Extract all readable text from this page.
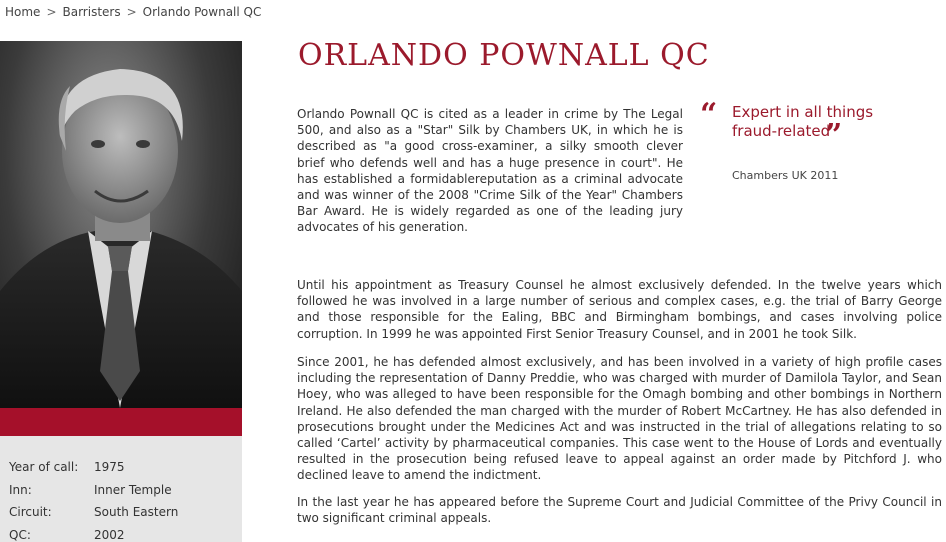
Home > Barristers > Orlando Pownall QC
Year of call: 1975
Inn:	Inner Temple
Circuit:	South Eastern
QC:	2002
ORLANDO POWNALL QC

Orlando Pownall QC is cited as a leader in crime by The Legal 500, and also as a "Star" Silk by Chambers UK, in which he is described as "a good cross-examiner, a silky smooth clever brief who defends well and has a huge presence in court". He has established a formidablereputation as a criminal advocate and was winner of the 2008 "Crime Silk of the Year" Chambers Bar Award. He is widely regarded as one of the leading jury advocates of his generation.

“ Expert in all things fraud-related
”
Chambers UK 2011

Until his appointment as Treasury Counsel he almost exclusively defended. In the twelve years which followed he was involved in a large number of serious and complex cases, e.g. the trial of Barry George and those responsible for the Ealing, BBC and Birmingham bombings, and cases involving police corruption. In 1999 he was appointed First Senior Treasury Counsel, and in 2001 he took Silk.

Since 2001, he has defended almost exclusively, and has been involved in a variety of high profile cases including the representation of Danny Preddie, who was charged with murder of Damilola Taylor, and Sean Hoey, who was alleged to have been responsible for the Omagh bombing and other bombings in Northern Ireland. He also defended the man charged with the murder of Robert McCartney. He has also defended in prosecutions brought under the Medicines Act and was instructed in the trial of allegations relating to so called ‘Cartel’ activity by pharmaceutical companies. This case went to the House of Lords and eventually resulted in the prosecution being refused leave to appeal against an order made by Pitchford J. who declined leave to amend the indictment.

In the last year he has appeared before the Supreme Court and Judicial Committee of the Privy Council in two significant criminal appeals.
